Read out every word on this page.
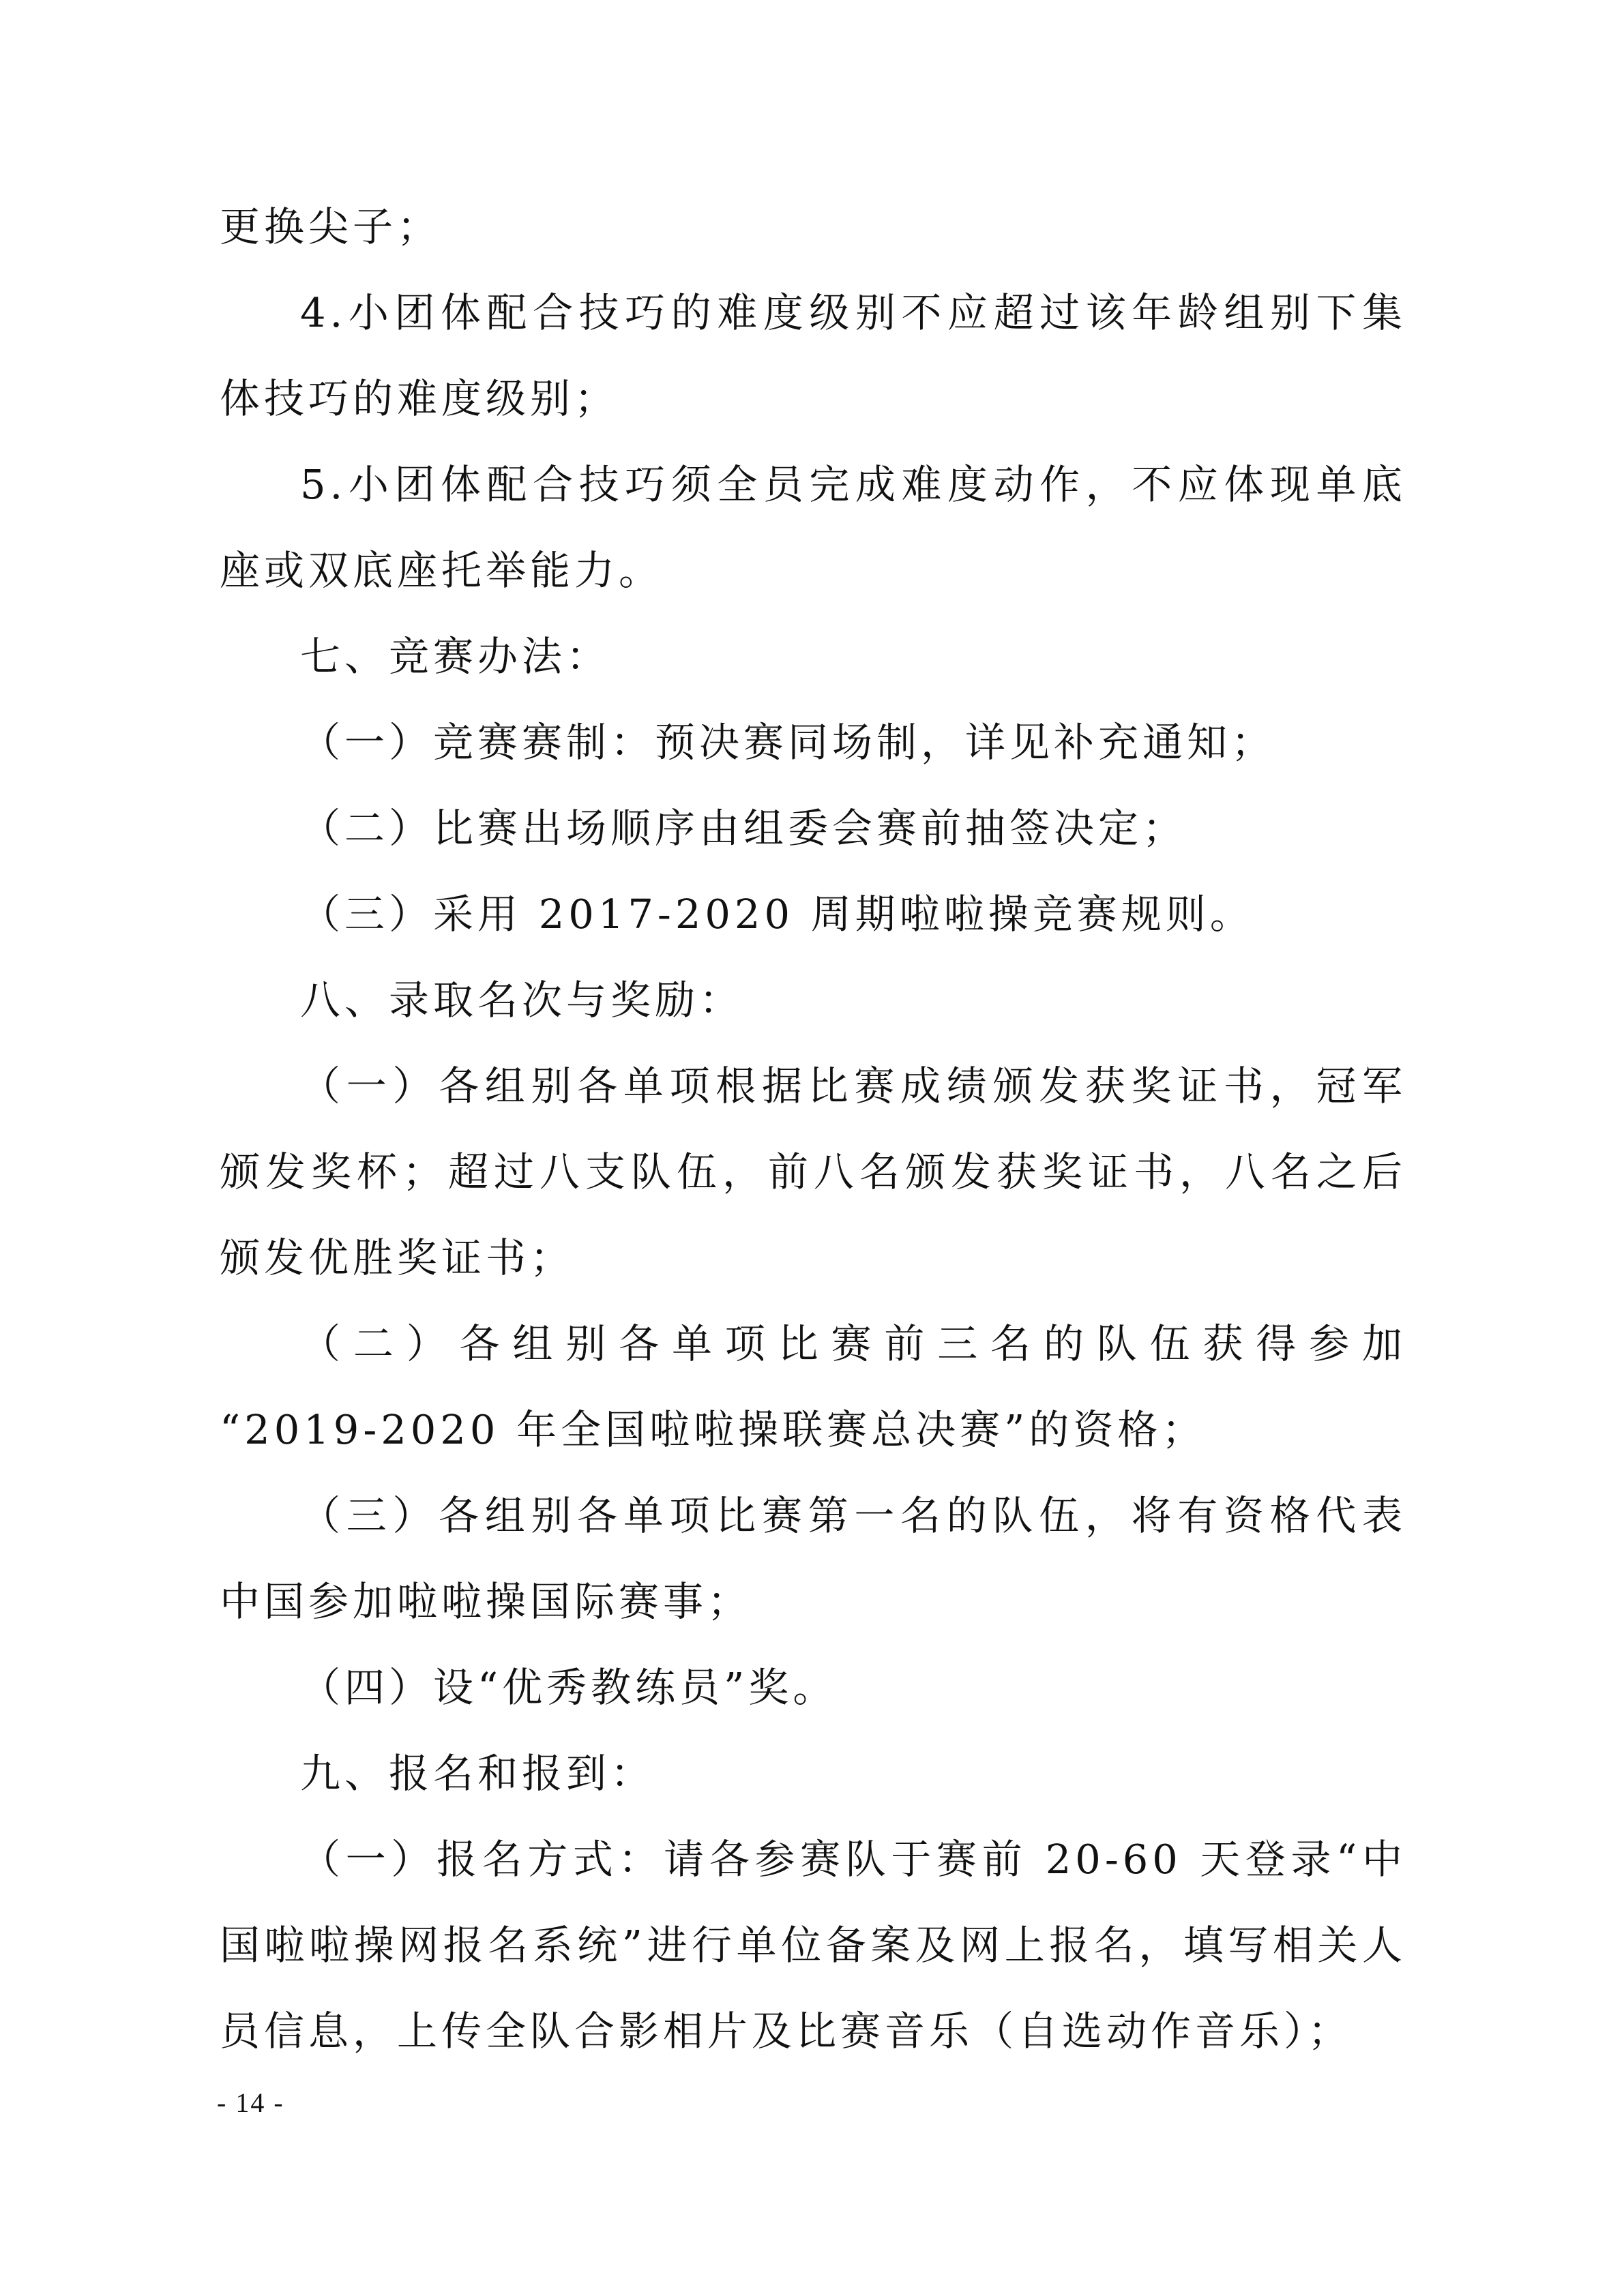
更换尖子；

4.小团体配合技巧的难度级别不应超过该年龄组别下集体技巧的难度级别；

5.小团体配合技巧须全员完成难度动作，不应体现单底座或双底座托举能力。

七、竞赛办法：

（一）竞赛赛制：预决赛同场制，详见补充通知；

（二）比赛出场顺序由组委会赛前抽签决定；

（三）采用 2017-2020 周期啦啦操竞赛规则。

八、录取名次与奖励：

（一）各组别各单项根据比赛成绩颁发获奖证书，冠军颁发奖杯；超过八支队伍，前八名颁发获奖证书，八名之后颁发优胜奖证书；

（二）各组别各单项比赛前三名的队伍获得参加

“2019-2020 年全国啦啦操联赛总决赛”的资格；

（三）各组别各单项比赛第一名的队伍，将有资格代表中国参加啦啦操国际赛事；

（四）设“优秀教练员”奖。

九、报名和报到：

（一）报名方式：请各参赛队于赛前 20-60 天登录“中国啦啦操网报名系统”进行单位备案及网上报名，填写相关人员信息，上传全队合影相片及比赛音乐（自选动作音乐）；

- 14 -
